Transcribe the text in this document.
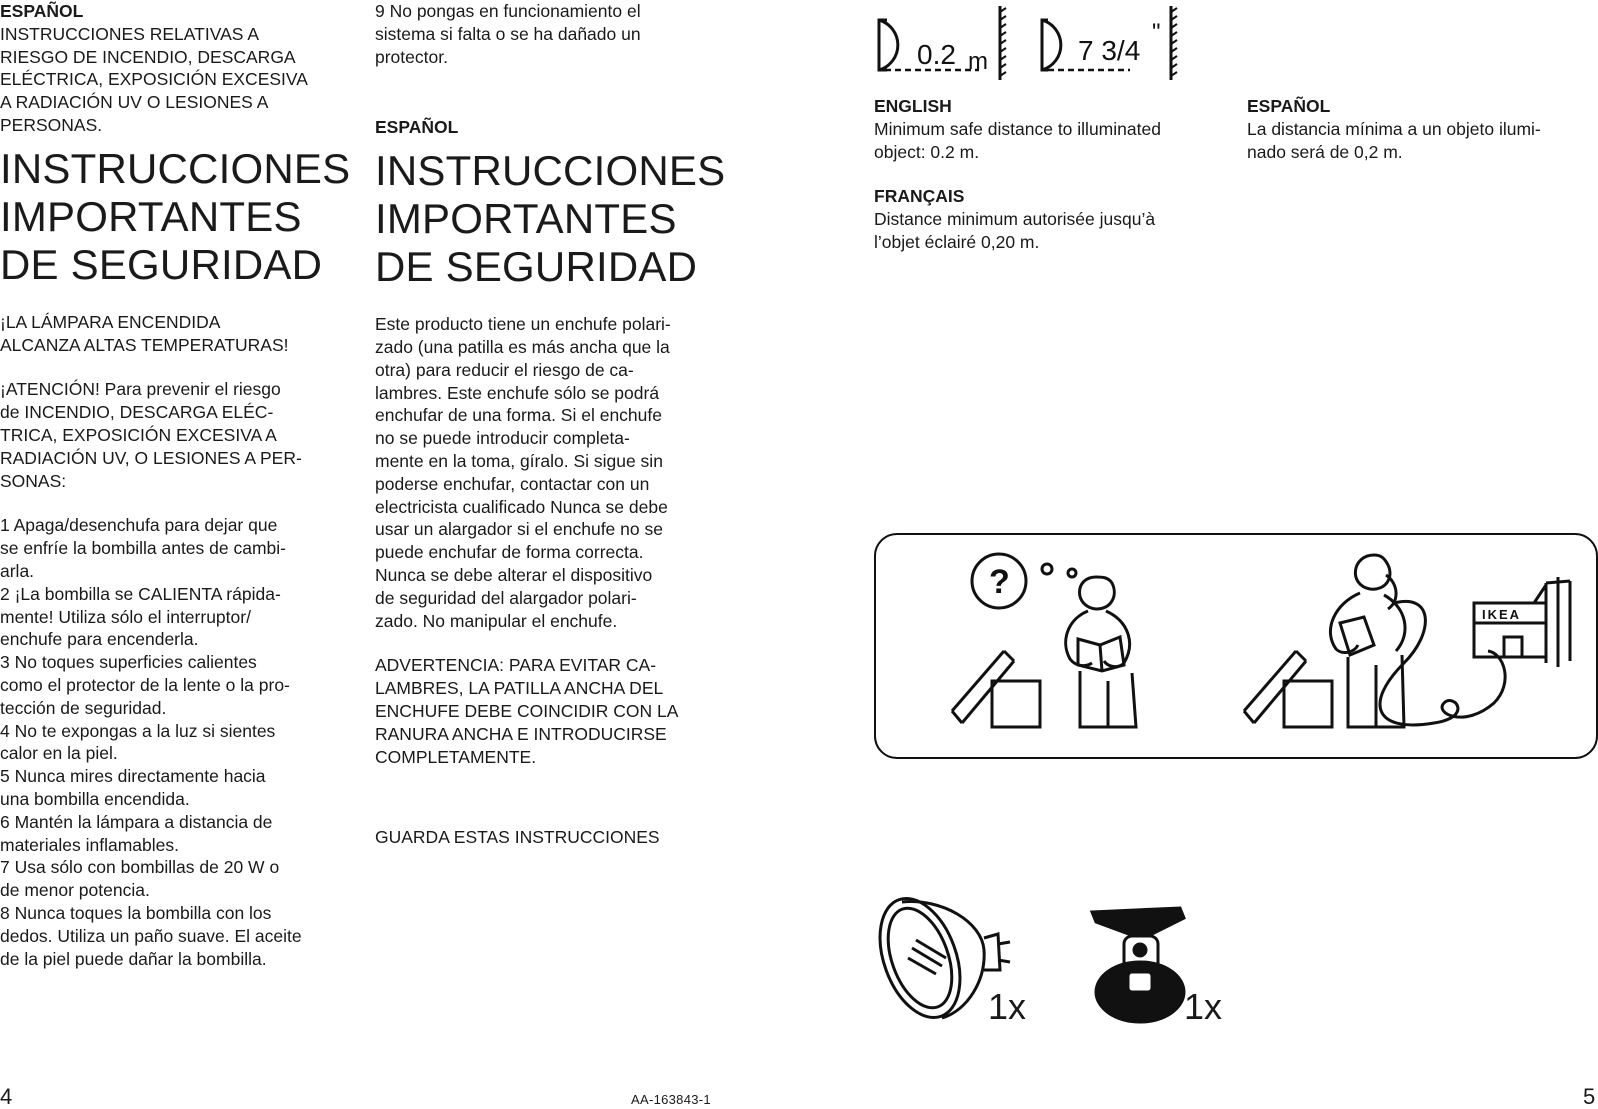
ESPAÑOL

INSTRUCCIONES RELATIVAS A
RIESGO DE INCENDIO, DESCARGA
ELÉCTRICA, EXPOSICIÓN EXCESIVA
A RADIACIÓN UV O LESIONES A
PERSONAS.

INSTRUCCIONES
IMPORTANTES
DE SEGURIDAD

¡LA LÁMPARA ENCENDIDA
ALCANZA ALTAS TEMPERATURAS!

¡ATENCIÓN! Para prevenir el riesgo
de INCENDIO, DESCARGA ELÉC-
TRICA, EXPOSICIÓN EXCESIVA A
RADIACIÓN UV, O LESIONES A PER-
SONAS:

1 Apaga/desenchufa para dejar que
se enfríe la bombilla antes de cambi-
arla.

2 ¡La bombilla se CALIENTA rápida-
mente! Utiliza sólo el interruptor/
enchufe para encenderla.

3 No toques superficies calientes
como el protector de la lente o la pro-
tección de seguridad.

4 No te expongas a la luz si sientes
calor en la piel.

5 Nunca mires directamente hacia
una bombilla encendida.

6 Mantén la lámpara a distancia de
materiales inflamables.

7 Usa sólo con bombillas de 20 W o
de menor potencia.

8 Nunca toques la bombilla con los
dedos. Utiliza un paño suave. El aceite
de la piel puede dañar la bombilla.

9 No pongas en funcionamiento el
sistema si falta o se ha dañado un
protector.

ESPAÑOL

INSTRUCCIONES
IMPORTANTES
DE SEGURIDAD

Este producto tiene un enchufe polari-
zado (una patilla es más ancha que la
otra) para reducir el riesgo de ca-
lambres. Este enchufe sólo se podrá
enchufar de una forma. Si el enchufe
no se puede introducir completa-
mente en la toma, gíralo. Si sigue sin
poderse enchufar, contactar con un
electricista cualificado Nunca se debe
usar un alargador si el enchufe no se
puede enchufar de forma correcta.
Nunca se debe alterar el dispositivo
de seguridad del alargador polari-
zado. No manipular el enchufe.

ADVERTENCIA: PARA EVITAR CA-
LAMBRES, LA PATILLA ANCHA DEL
ENCHUFE DEBE COINCIDIR CON LA
RANURA ANCHA E INTRODUCIRSE
COMPLETAMENTE.

GUARDA ESTAS INSTRUCCIONES

4	AA-163843-1
0.2 m	7 3/4
"

ENGLISH

Minimum safe distance to illuminated
object: 0.2 m.

FRANÇAIS

Distance minimum autorisée jusqu’à
l’objet éclairé 0,20 m.

ESPAÑOL

La distancia mínima a un objeto ilumi-
nado será de 0,2 m.

?
IKEA
1x	1x
5
